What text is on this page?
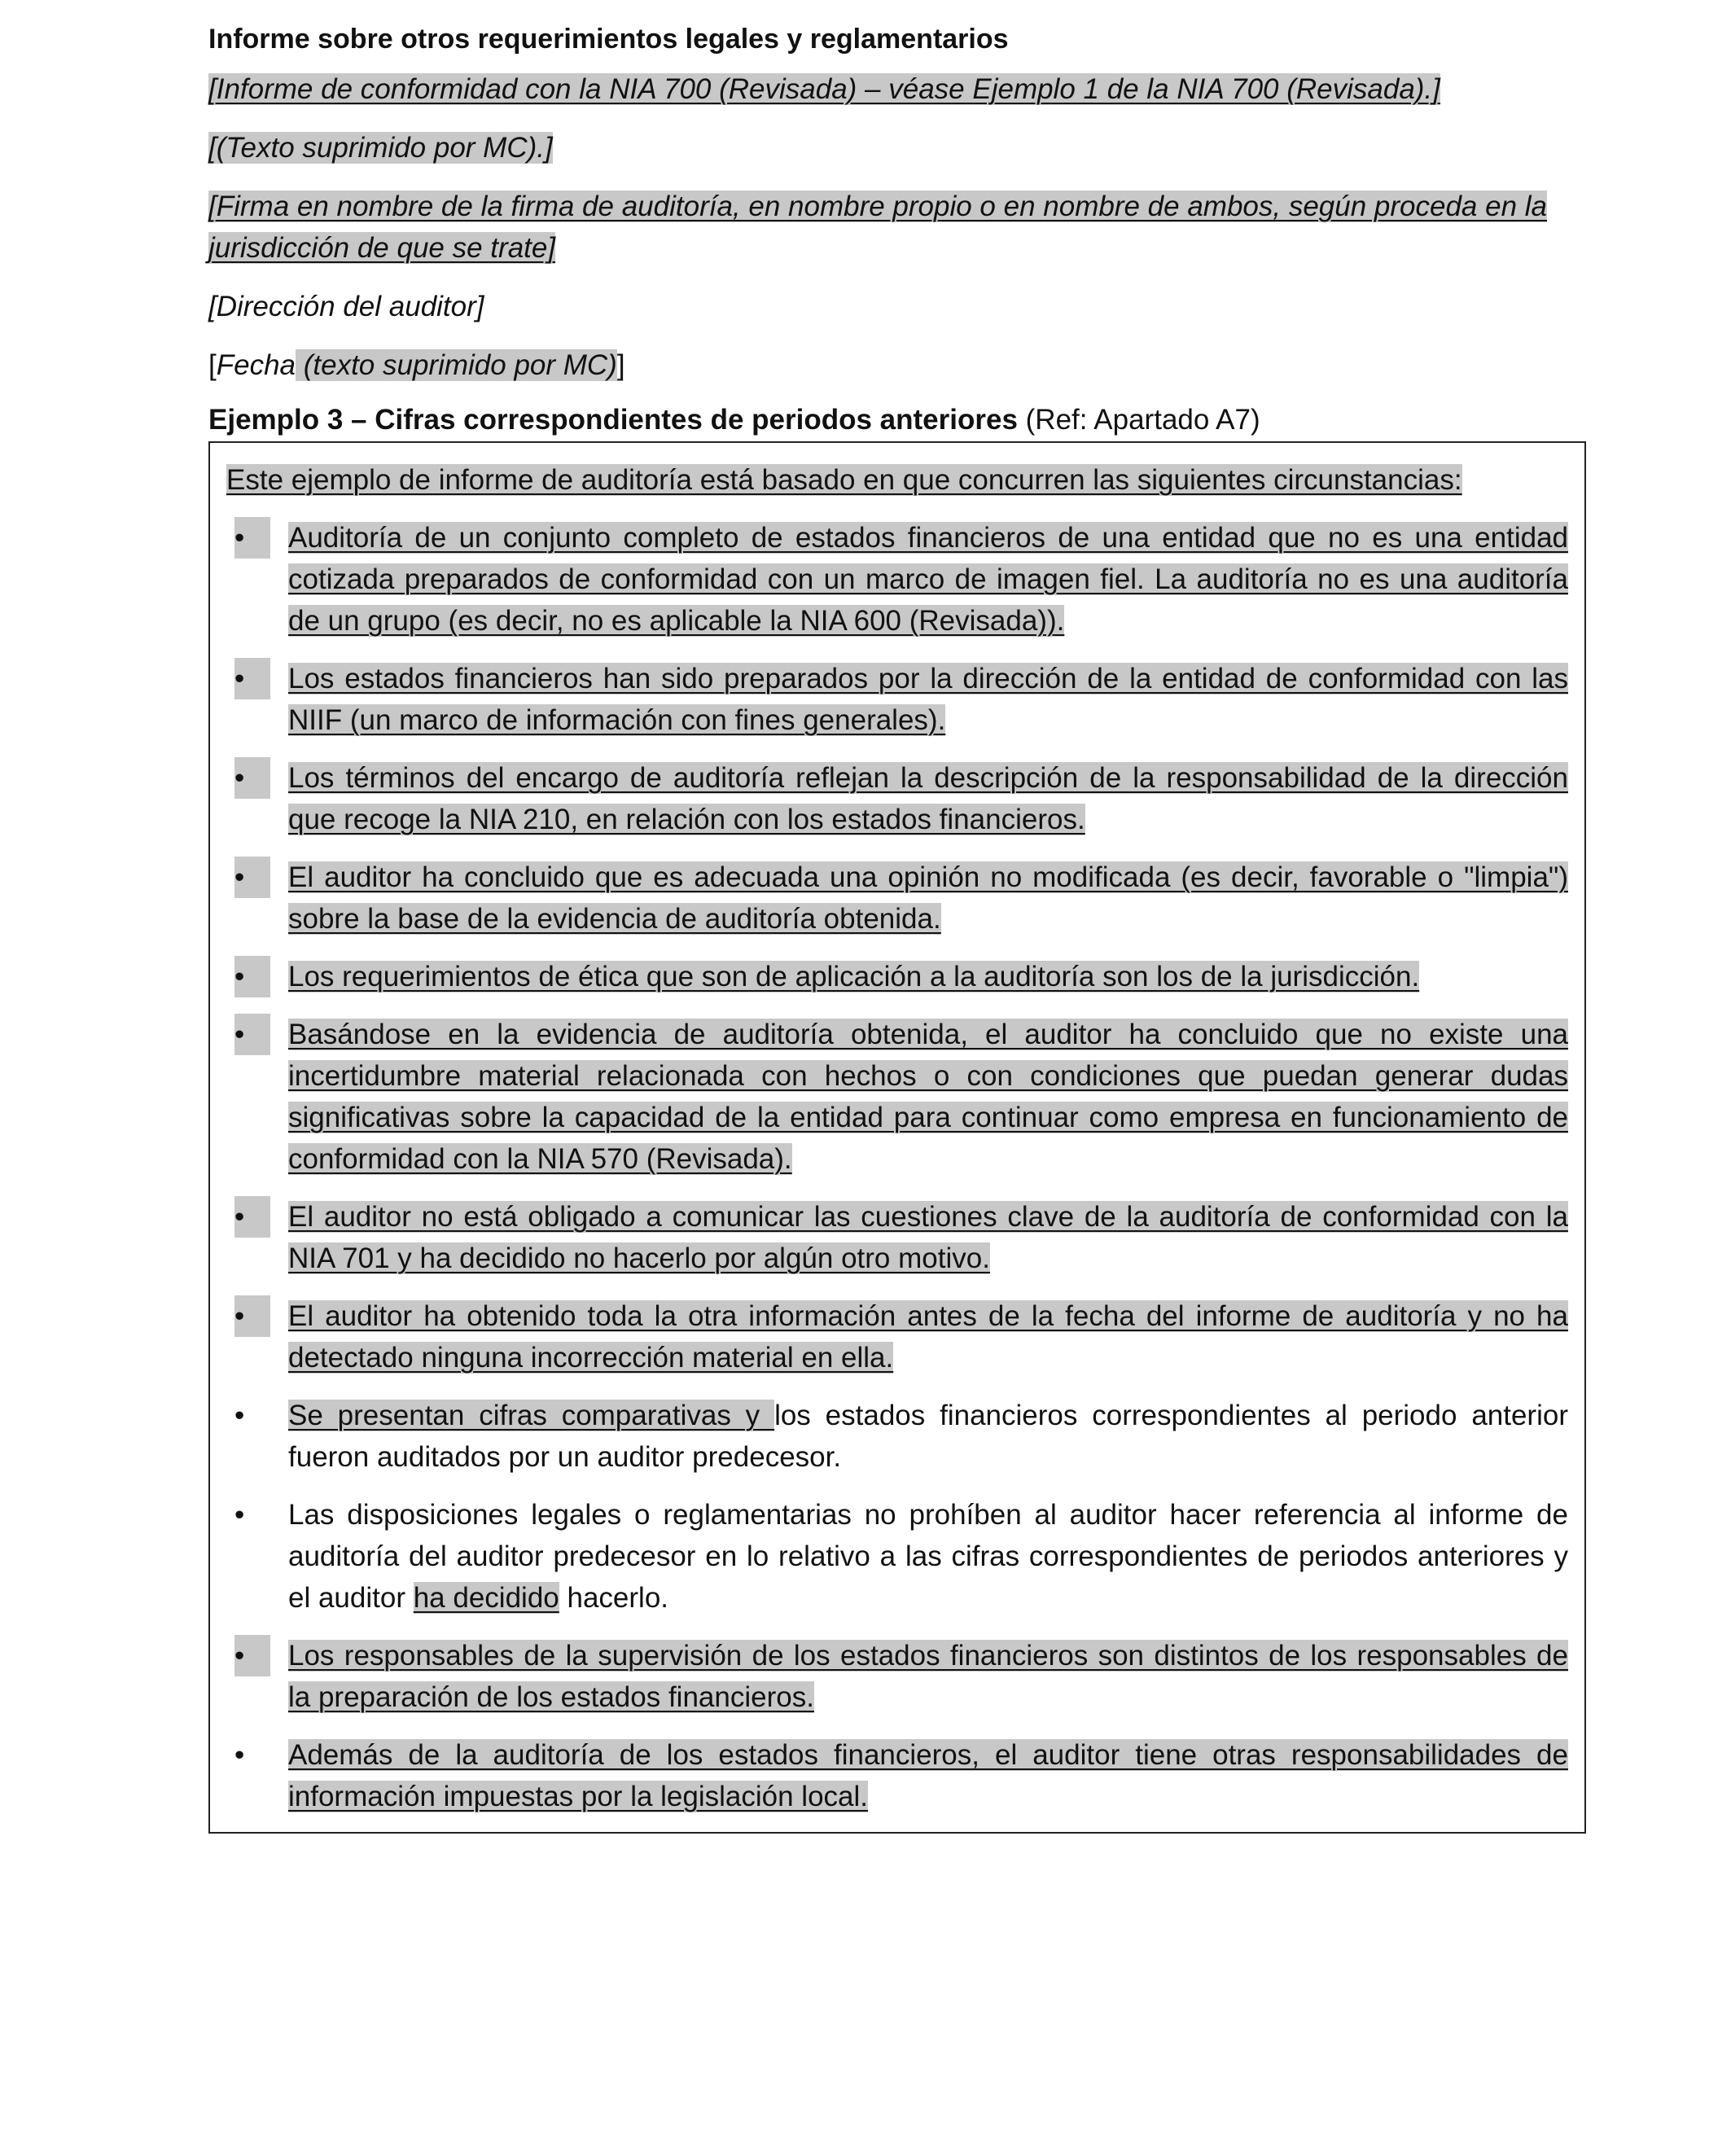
Informe sobre otros requerimientos legales y reglamentarios

[Informe de conformidad con la NIA 700 (Revisada) – véase Ejemplo 1 de la NIA 700 (Revisada).]

[(Texto suprimido por MC).]

[Firma en nombre de la firma de auditoría, en nombre propio o en nombre de ambos, según proceda en la jurisdicción de que se trate]

[Dirección del auditor]

[Fecha (texto suprimido por MC)]

Ejemplo 3 – Cifras correspondientes de periodos anteriores (Ref: Apartado A7)

Este ejemplo de informe de auditoría está basado en que concurren las siguientes circunstancias:

•	Auditoría de un conjunto completo de estados financieros de una entidad que no es una entidad cotizada preparados de conformidad con un marco de imagen fiel. La auditoría no es una auditoría de un grupo (es decir, no es aplicable la NIA 600 (Revisada)).
•	Los estados financieros han sido preparados por la dirección de la entidad de conformidad con las NIIF (un marco de información con fines generales).
•	Los términos del encargo de auditoría reflejan la descripción de la responsabilidad de la dirección que recoge la NIA 210, en relación con los estados financieros.
•	El auditor ha concluido que es adecuada una opinión no modificada (es decir, favorable o "limpia") sobre la base de la evidencia de auditoría obtenida.
•	Los requerimientos de ética que son de aplicación a la auditoría son los de la jurisdicción.
•	Basándose en la evidencia de auditoría obtenida, el auditor ha concluido que no existe una incertidumbre material relacionada con hechos o con condiciones que puedan generar dudas significativas sobre la capacidad de la entidad para continuar como empresa en funcionamiento de conformidad con la NIA 570 (Revisada).
•	El auditor no está obligado a comunicar las cuestiones clave de la auditoría de conformidad con la NIA 701 y ha decidido no hacerlo por algún otro motivo.
•	El auditor ha obtenido toda la otra información antes de la fecha del informe de auditoría y no ha detectado ninguna incorrección material en ella.
•	Se presentan cifras comparativas y los estados financieros correspondientes al periodo anterior fueron auditados por un auditor predecesor.
•	Las disposiciones legales o reglamentarias no prohíben al auditor hacer referencia al informe de auditoría del auditor predecesor en lo relativo a las cifras correspondientes de periodos anteriores y el auditor ha decidido hacerlo.
•	Los responsables de la supervisión de los estados financieros son distintos de los responsables de la preparación de los estados financieros.
•	Además de la auditoría de los estados financieros, el auditor tiene otras responsabilidades de información impuestas por la legislación local.
